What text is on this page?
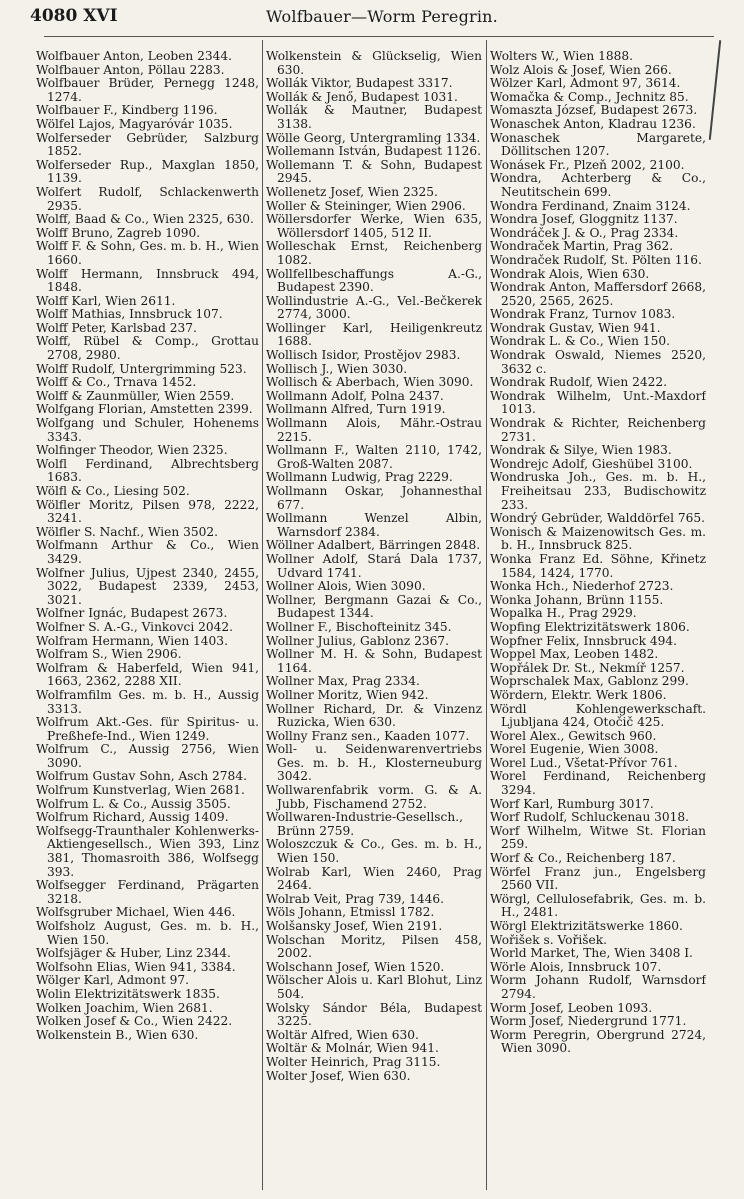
4080 XVI	Wolfbauer—Worm Peregrin.
Wolfbauer Anton, Leoben 2344.
Wolfbauer Anton, Pöllau 2283.
Wolfbauer Brüder, Pernegg 1248, 1274.
Wolfbauer F., Kindberg 1196.
Wölfel Lajos, Magyaróvár 1035.
Wolferseder Gebrüder, Salzburg 1852.
Wolferseder Rup., Maxglan 1850, 1139.
Wolfert Rudolf, Schlackenwerth 2935.
Wolff, Baad & Co., Wien 2325, 630.
Wolff Bruno, Zagreb 1090.
Wolff F. & Sohn, Ges. m. b. H., Wien 1660.
Wolff Hermann, Innsbruck 494, 1848.
Wolff Karl, Wien 2611.
Wolff Mathias, Innsbruck 107.
Wolff Peter, Karlsbad 237.
Wolff, Rübel & Comp., Grottau 2708, 2980.
Wolff Rudolf, Untergrimming 523.
Wolff & Co., Trnava 1452.
Wolff & Zaunmüller, Wien 2559.
Wolfgang Florian, Amstetten 2399.
Wolfgang und Schuler, Hohenems 3343.
Wolfinger Theodor, Wien 2325.
Wolfl Ferdinand, Albrechtsberg 1683.
Wölfl & Co., Liesing 502.
Wölfler Moritz, Pilsen 978, 2222, 3241.
Wölfler S. Nachf., Wien 3502.
Wolfmann Arthur & Co., Wien 3429.
Wolfner Julius, Ujpest 2340, 2455, 3022, Budapest 2339, 2453, 3021.
Wolfner Ignác, Budapest 2673.
Wolfner S. A.-G., Vinkovci 2042.
Wolfram Hermann, Wien 1403.
Wolfram S., Wien 2906.
Wolfram & Haberfeld, Wien 941, 1663, 2362, 2288 XII.
Wolframfilm Ges. m. b. H., Aussig 3313.
Wolfrum Akt.-Ges. für Spiritus- u. Preßhefe-Ind., Wien 1249.
Wolfrum C., Aussig 2756, Wien 3090.
Wolfrum Gustav Sohn, Asch 2784.
Wolfrum Kunstverlag, Wien 2681.
Wolfrum L. & Co., Aussig 3505.
Wolfrum Richard, Aussig 1409.
Wolfsegg-Traunthaler Kohlenwerks-Aktiengesellsch., Wien 393, Linz 381, Thomasroith 386, Wolfsegg 393.
Wolfsegger Ferdinand, Prägarten 3218.
Wolfsgruber Michael, Wien 446.
Wolfsholz August, Ges. m. b. H., Wien 150.
Wolfsjäger & Huber, Linz 2344.
Wolfsohn Elias, Wien 941, 3384.
Wölger Karl, Admont 97.
Wolin Elektrizitätswerk 1835.
Wolken Joachim, Wien 2681.
Wolken Josef & Co., Wien 2422.
Wolkenstein B., Wien 630.
Wolkenstein & Glückselig, Wien 630.
Wollák Viktor, Budapest 3317.
Wollák & Jenő, Budapest 1031.
Wollák & Mautner, Budapest 3138.
Wölle Georg, Untergramling 1334.
Wollemann István, Budapest 1126.
Wollemann T. & Sohn, Budapest 2945.
Wollenetz Josef, Wien 2325.
Woller & Steininger, Wien 2906.
Wöllersdorfer Werke, Wien 635, Wöllersdorf 1405, 512 II.
Wolleschak Ernst, Reichenberg 1082.
Wollfellbeschaffungs A.-G., Budapest 2390.
Wollindustrie A.-G., Vel.-Bečkerek 2774, 3000.
Wollinger Karl, Heiligenkreutz 1688.
Wollisch Isidor, Prostějov 2983.
Wollisch J., Wien 3030.
Wollisch & Aberbach, Wien 3090.
Wollmann Adolf, Polna 2437.
Wollmann Alfred, Turn 1919.
Wollmann Alois, Mähr.-Ostrau 2215.
Wollmann F., Walten 2110, 1742, Groß-Walten 2087.
Wollmann Ludwig, Prag 2229.
Wollmann Oskar, Johannesthal 677.
Wollmann Wenzel Albin, Warnsdorf 2384.
Wöllner Adalbert, Bärringen 2848.
Wollner Adolf, Stará Dala 1737, Udvard 1741.
Wollner Alois, Wien 3090.
Wollner, Bergmann Gazai & Co., Budapest 1344.
Wollner F., Bischofteinitz 345.
Wollner Julius, Gablonz 2367.
Wollner M. H. & Sohn, Budapest 1164.
Wollner Max, Prag 2334.
Wollner Moritz, Wien 942.
Wollner Richard, Dr. & Vinzenz Ruzicka, Wien 630.
Wollny Franz sen., Kaaden 1077.
Woll- u. Seidenwarenvertriebs Ges. m. b. H., Klosterneuburg 3042.
Wollwarenfabrik vorm. G. & A. Jubb, Fischamend 2752.
Wollwaren-Industrie-Gesellsch., Brünn 2759.
Woloszczuk & Co., Ges. m. b. H., Wien 150.
Wolrab Karl, Wien 2460, Prag 2464.
Wolrab Veit, Prag 739, 1446.
Wöls Johann, Etmissl 1782.
Wolšansky Josef, Wien 2191.
Wolschan Moritz, Pilsen 458, 2002.
Wolschann Josef, Wien 1520.
Wölscher Alois u. Karl Blohut, Linz 504.
Wolsky Sándor Béla, Budapest 3225.
Woltär Alfred, Wien 630.
Woltär & Molnár, Wien 941.
Wolter Heinrich, Prag 3115.
Wolter Josef, Wien 630.
Wolters W., Wien 1888.
Wolz Alois & Josef, Wien 266.
Wölzer Karl, Admont 97, 3614.
Womačka & Comp., Jechnitz 85.
Womaszta József, Budapest 2673.
Wonaschek Anton, Kladrau 1236.
Wonaschek Margarete, Döllitschen 1207.
Wonásek Fr., Plzeň 2002, 2100.
Wondra, Achterberg & Co., Neutitschein 699.
Wondra Ferdinand, Znaim 3124.
Wondra Josef, Gloggnitz 1137.
Wondráček J. & O., Prag 2334.
Wondraček Martin, Prag 362.
Wondraček Rudolf, St. Pölten 116.
Wondrak Alois, Wien 630.
Wondrak Anton, Maffersdorf 2668, 2520, 2565, 2625.
Wondrak Franz, Turnov 1083.
Wondrak Gustav, Wien 941.
Wondrak L. & Co., Wien 150.
Wondrak Oswald, Niemes 2520, 3632 c.
Wondrak Rudolf, Wien 2422.
Wondrak Wilhelm, Unt.-Maxdorf 1013.
Wondrak & Richter, Reichenberg 2731.
Wondrak & Silye, Wien 1983.
Wondrejc Adolf, Gieshübel 3100.
Wondruska Joh., Ges. m. b. H., Freiheitsau 233, Budischowitz 233.
Wondrý Gebrüder, Walddörfel 765.
Wonisch & Maizenowitsch Ges. m. b. H., Innsbruck 825.
Wonka Franz Ed. Söhne, Křinetz 1584, 1424, 1770.
Wonka Hch., Niederhof 2723.
Wonka Johann, Brünn 1155.
Wopalka H., Prag 2929.
Wopfing Elektrizitätswerk 1806.
Wopfner Felix, Innsbruck 494.
Woppel Max, Leoben 1482.
Wopřálek Dr. St., Nekmíř 1257.
Woprschalek Max, Gablonz 299.
Wördern, Elektr. Werk 1806.
Wördl Kohlengewerkschaft. Ljubljana 424, Otočič 425.
Worel Alex., Gewitsch 960.
Worel Eugenie, Wien 3008.
Worel Lud., Všetat-Přívor 761.
Worel Ferdinand, Reichenberg 3294.
Worf Karl, Rumburg 3017.
Worf Rudolf, Schluckenau 3018.
Worf Wilhelm, Witwe St. Florian 259.
Worf & Co., Reichenberg 187.
Wörfel Franz jun., Engelsberg 2560 VII.
Wörgl, Cellulosefabrik, Ges. m. b. H., 2481.
Wörgl Elektrizitätswerke 1860.
Wořišek s. Vořišek.
World Market, The, Wien 3408 I.
Wörle Alois, Innsbruck 107.
Worm Johann Rudolf, Warnsdorf 2794.
Worm Josef, Leoben 1093.
Worm Josef, Niedergrund 1771.
Worm Peregrin, Obergrund 2724, Wien 3090.
